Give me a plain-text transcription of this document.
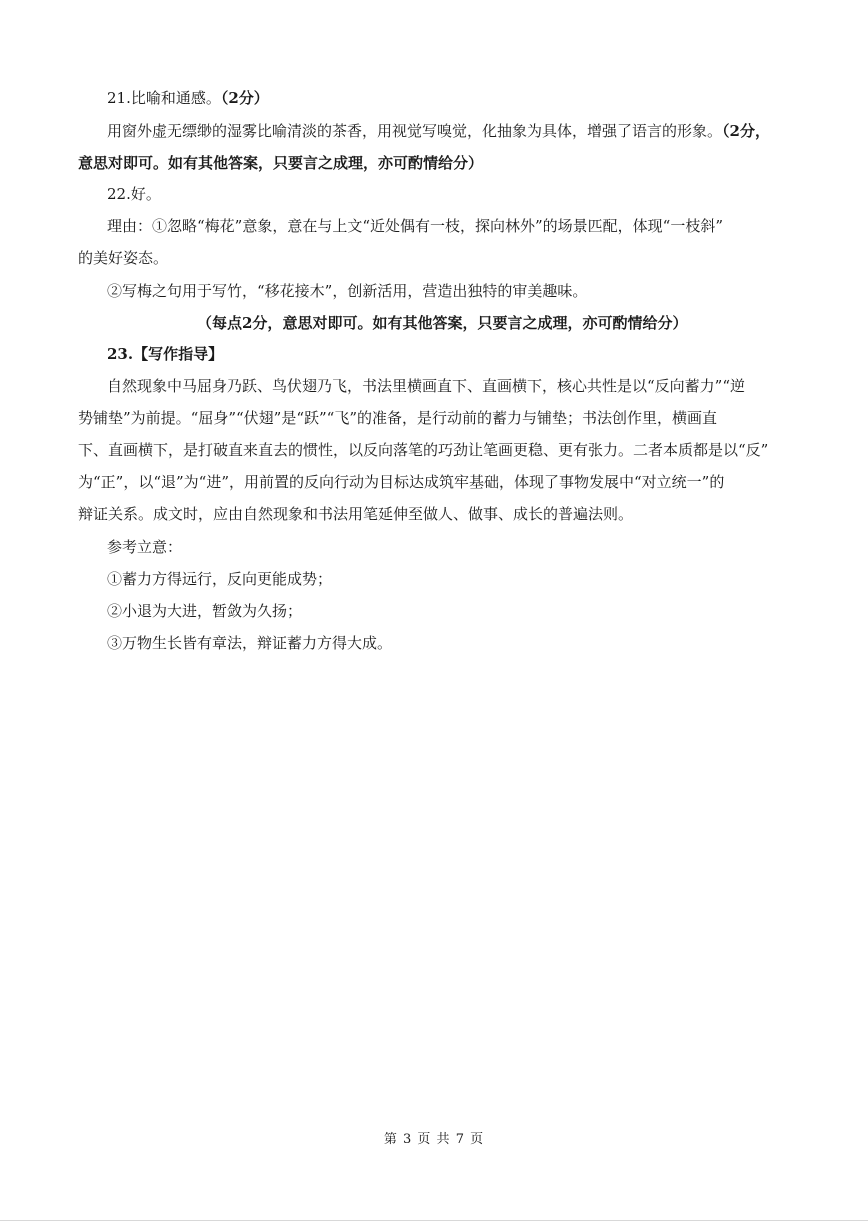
21.比喻和通感。（2分）
用窗外虚无缥缈的湿雾比喻清淡的茶香，用视觉写嗅觉，化抽象为具体，增强了语言的形象。（2分，
意思对即可。如有其他答案，只要言之成理，亦可酌情给分）
22.好。
理由：①忽略“梅花”意象，意在与上文“近处偶有一枝，探向林外”的场景匹配，体现“一枝斜”
的美好姿态。
②写梅之句用于写竹，“移花接木”，创新活用，营造出独特的审美趣味。
（每点2分，意思对即可。如有其他答案，只要言之成理，亦可酌情给分）
23.【写作指导】
自然现象中马屈身乃跃、鸟伏翅乃飞，书法里横画直下、直画横下，核心共性是以“反向蓄力”“逆
势铺垫”为前提。“屈身”“伏翅”是“跃”“飞”的准备，是行动前的蓄力与铺垫；书法创作里，横画直
下、直画横下，是打破直来直去的惯性，以反向落笔的巧劲让笔画更稳、更有张力。二者本质都是以“反”
为“正”，以“退”为“进”，用前置的反向行动为目标达成筑牢基础，体现了事物发展中“对立统一”的
辩证关系。成文时，应由自然现象和书法用笔延伸至做人、做事、成长的普遍法则。
参考立意：
①蓄力方得远行，反向更能成势；
②小退为大进，暂敛为久扬；
③万物生长皆有章法，辩证蓄力方得大成。
第 3 页 共 7 页
